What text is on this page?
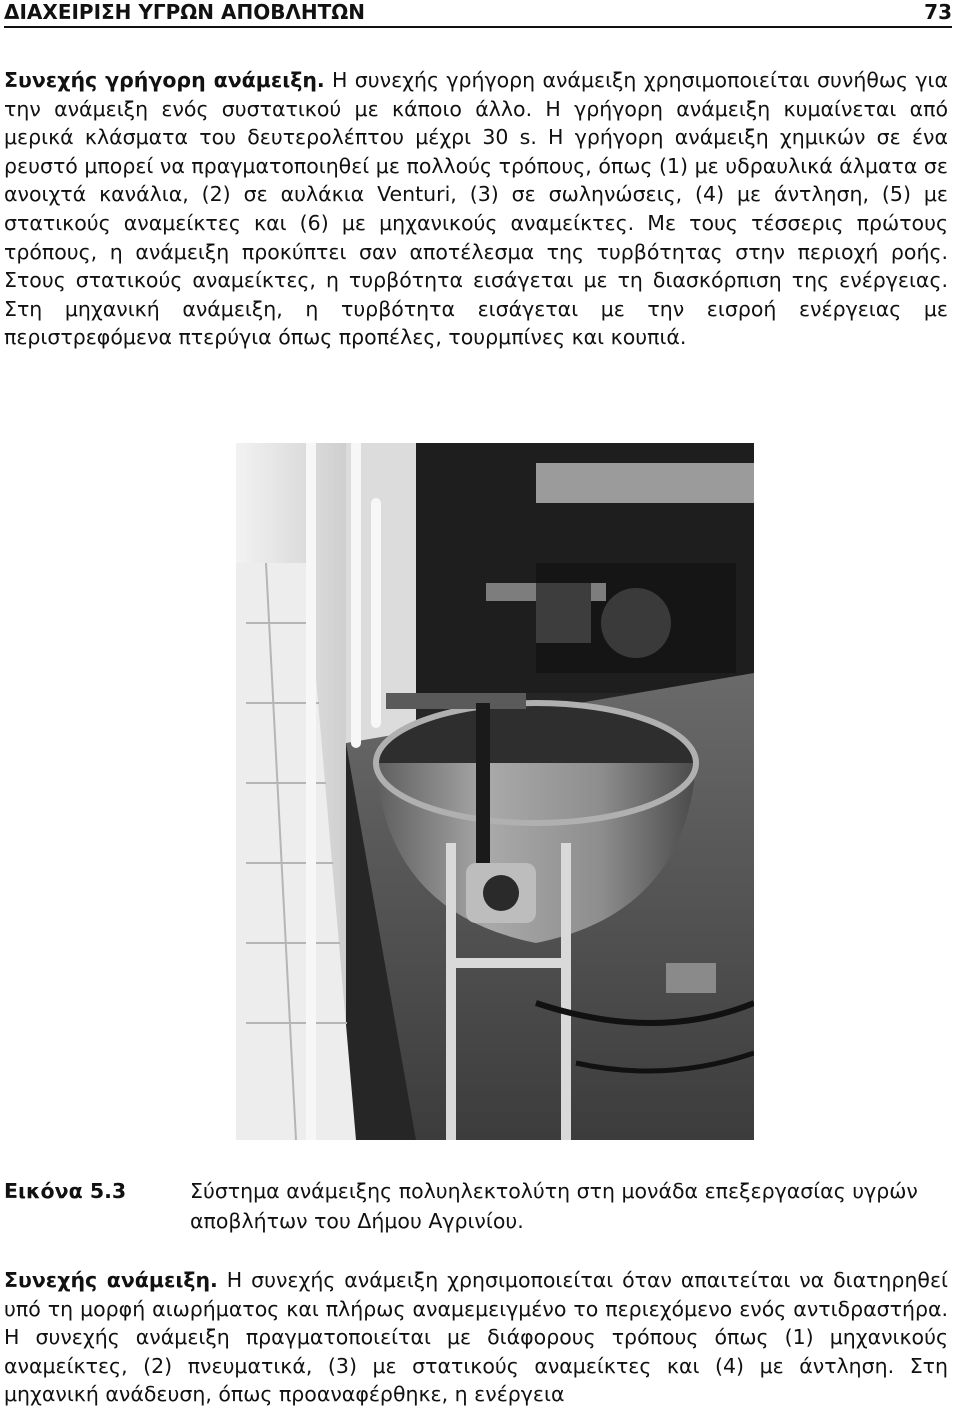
ΔΙΑΧΕΙΡΙΣΗ ΥΓΡΩΝ ΑΠΟΒΛΗΤΩΝ	73

Συνεχής γρήγορη ανάμειξη. Η συνεχής γρήγορη ανάμειξη χρησιμοποιείται συνήθως για την ανάμειξη ενός συστατικού με κάποιο άλλο. Η γρήγορη ανάμειξη κυμαίνεται από μερικά κλάσματα του δευτερολέπτου μέχρι 30 s. Η γρήγορη ανάμειξη χημικών σε ένα ρευστό μπορεί να πραγματοποιηθεί με πολλούς τρόπους, όπως (1) με υδραυλικά άλματα σε ανοιχτά κανάλια, (2) σε αυλάκια Venturi, (3) σε σωληνώσεις, (4) με άντληση, (5) με στατικούς αναμείκτες και (6) με μηχανικούς αναμείκτες. Με τους τέσσερις πρώτους τρόπους, η ανάμειξη προκύπτει σαν αποτέλεσμα της τυρβότητας στην περιοχή ροής. Στους στατικούς αναμείκτες, η τυρβότητα εισάγεται με τη διασκόρπιση της ενέργειας. Στη μηχανική ανάμειξη, η τυρβότητα εισάγεται με την εισροή ενέργειας με περιστρεφόμενα πτερύγια όπως προπέλες, τουρμπίνες και κουπιά.

Εικόνα 5.3	Σύστημα ανάμειξης πολυηλεκτολύτη στη μονάδα επεξεργασίας υγρών αποβλήτων του Δήμου Αγρινίου.

Συνεχής ανάμειξη. Η συνεχής ανάμειξη χρησιμοποιείται όταν απαιτείται να διατηρηθεί υπό τη μορφή αιωρήματος και πλήρως αναμεμειγμένο το περιεχόμενο ενός αντιδραστήρα. Η συνεχής ανάμειξη πραγματοποιείται με διάφορους τρόπους όπως (1) μηχανικούς αναμείκτες, (2) πνευματικά, (3) με στατικούς αναμείκτες και (4) με άντληση. Στη μηχανική ανάδευση, όπως προαναφέρθηκε, η ενέργεια
